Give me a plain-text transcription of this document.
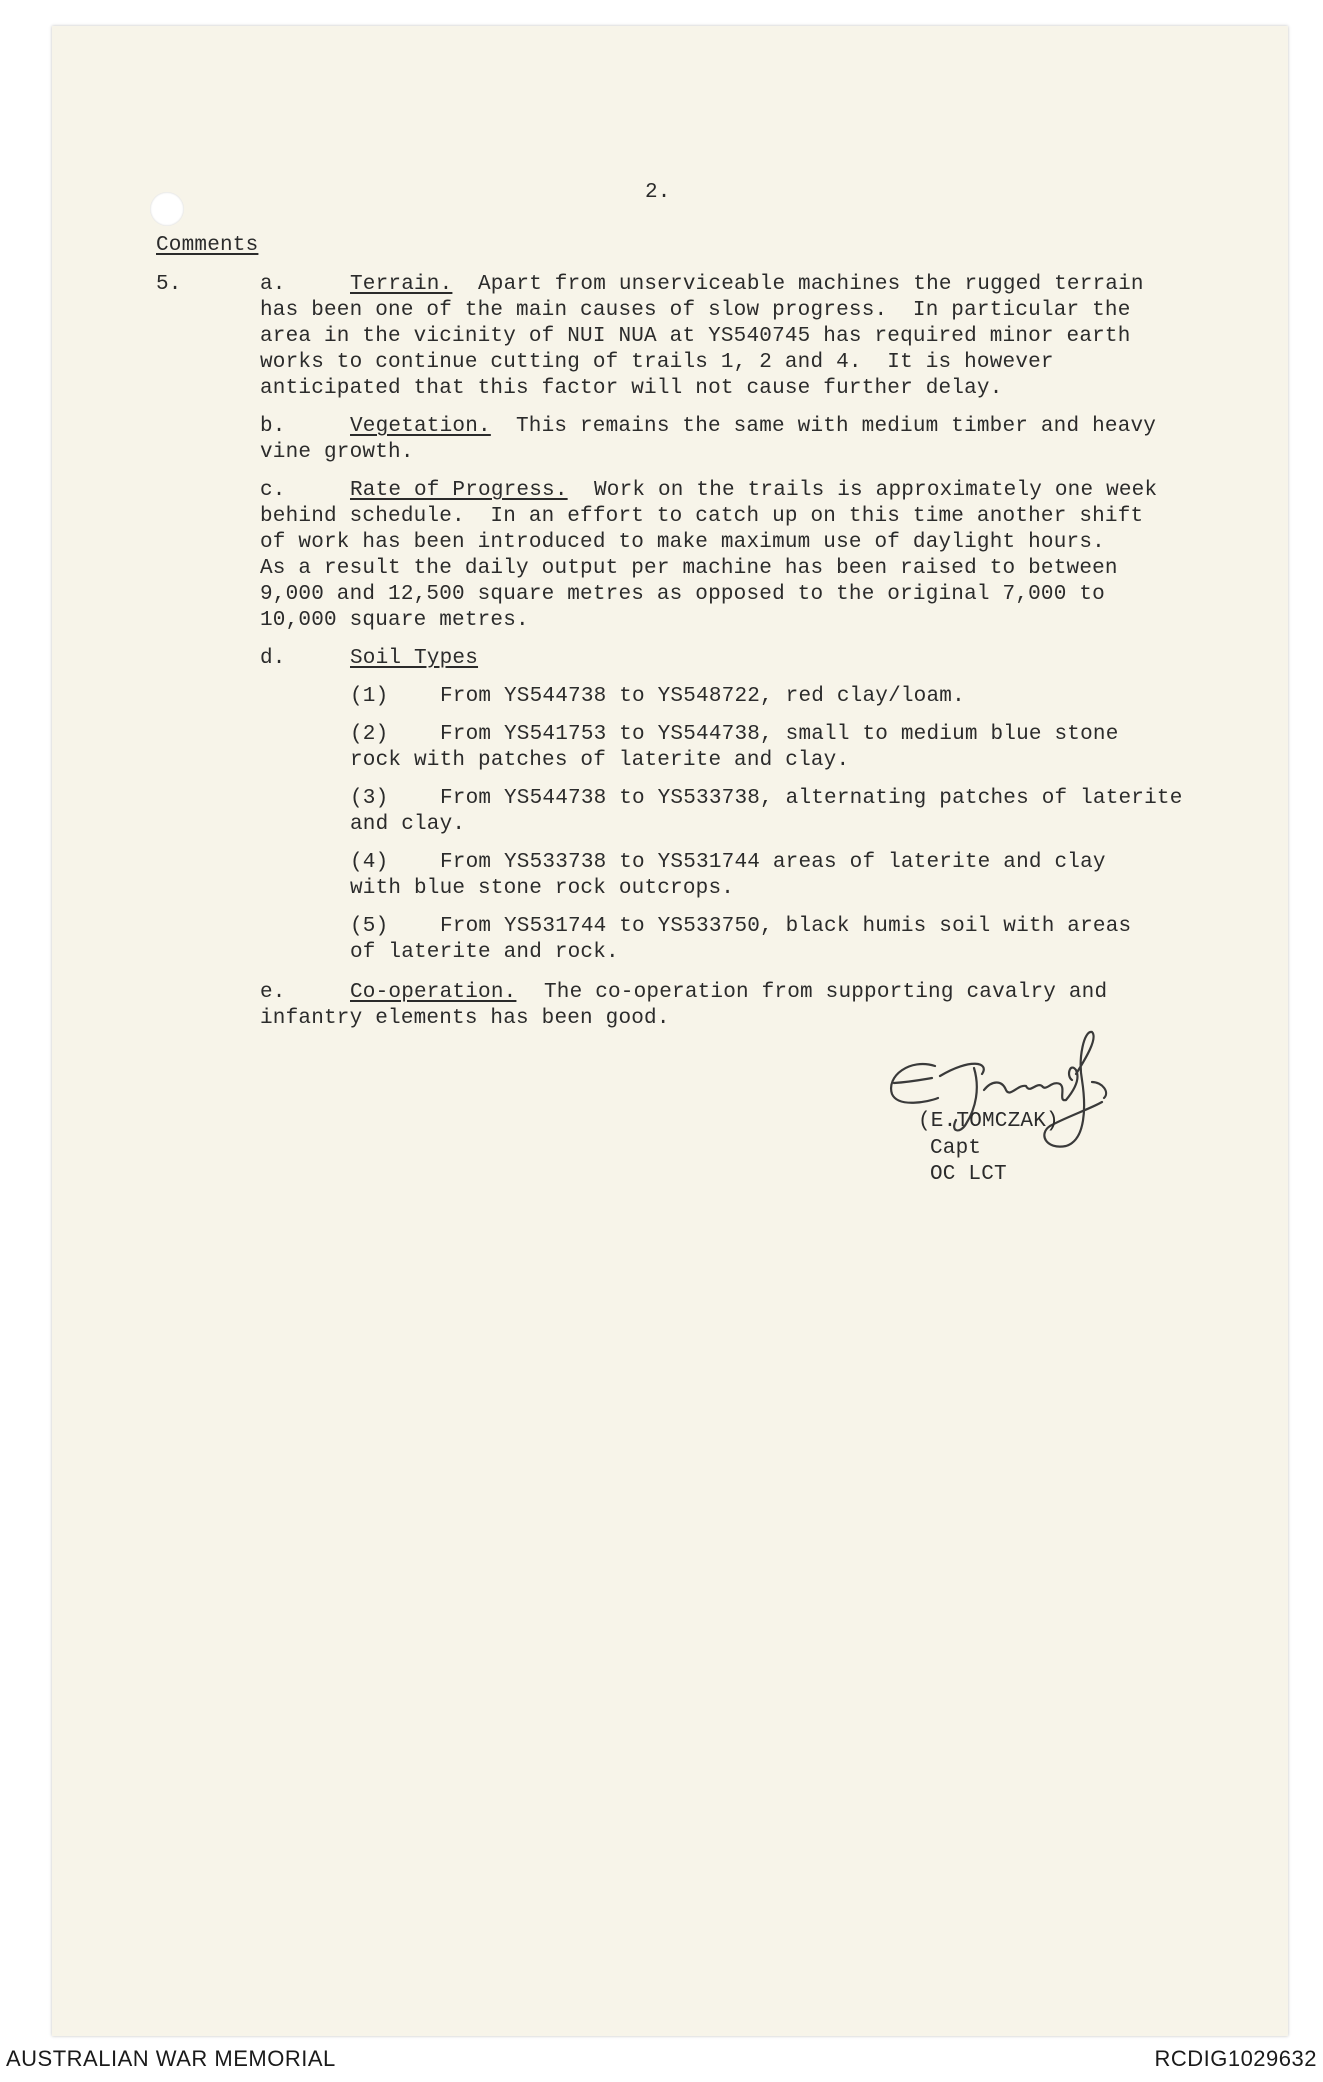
2.
Comments
5.	a.	Terrain. Apart from unserviceable machines the rugged terrain
has been one of the main causes of slow progress.  In particular the
area in the vicinity of NUI NUA at YS540745 has required minor earth
works to continue cutting of trails 1, 2 and 4.  It is however
anticipated that this factor will not cause further delay.
b.	Vegetation. This remains the same with medium timber and heavy
vine growth.
c.	Rate of Progress. Work on the trails is approximately one week
behind schedule.  In an effort to catch up on this time another shift
of work has been introduced to make maximum use of daylight hours.
As a result the daily output per machine has been raised to between
9,000 and 12,500 square metres as opposed to the original 7,000 to
10,000 square metres.
d.	Soil Types
(1) From YS544738 to YS548722, red clay/loam.
(2) From YS541753 to YS544738, small to medium blue stone
rock with patches of laterite and clay.
(3) From YS544738 to YS533738, alternating patches of laterite
and clay.
(4) From YS533738 to YS531744 areas of laterite and clay
with blue stone rock outcrops.
(5) From YS531744 to YS533750, black humis soil with areas
of laterite and rock.
e.	Co-operation. The co-operation from supporting cavalry and
infantry elements has been good.
(E.TOMCZAK)
Capt
OC LCT
AUSTRALIAN WAR MEMORIAL	RCDIG1029632
